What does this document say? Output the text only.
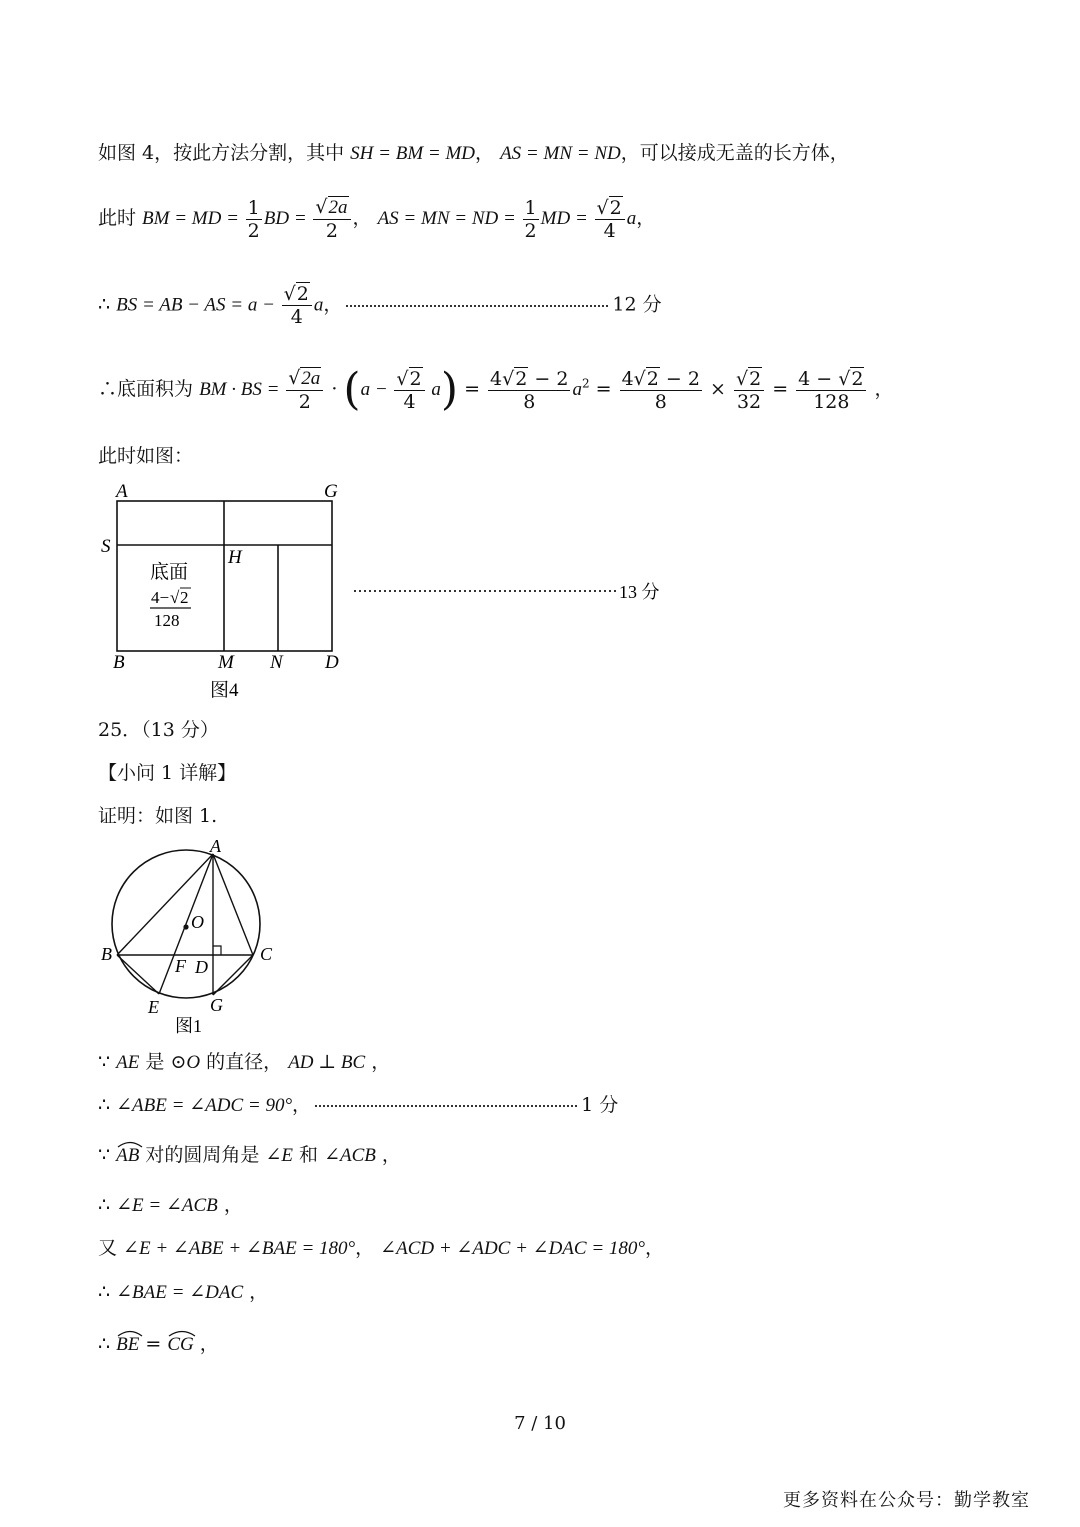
如图 4，按此方法分割，其中 SH = BM = MD， AS = MN = ND，可以接成无盖的长方体，
此时 BM = MD = $\frac{1}{2}$ BD = $\frac{√2a}{2}$ ， AS = MN = ND = $\frac{1}{2}$ MD = $\frac{√2}{4}$ a，
∴ BS = AB − AS = $a - \frac{√2}{4}$ a，	12 分
∴底面积为 BM · BS = $\frac{√2a}{2} \cdot (a - \frac{√2}{4} a) = \frac{4√2 - 2}{8} a^2 = \frac{4√2 - 2}{8} \times \frac{√2}{32} = \frac{4 - √2}{128}$ ，
此时如图：
A	G
S
H
B	M N D
底面
4− √ 2
128
图4
13 分
25．（13 分）
【小问 1 详解】
证明：如图 1.
A
O
B	C
F D
E	G
图1
∵ AE 是 ⊙O 的直径， AD ⊥ BC ，
∴ ∠ABE = ∠ADC = 90°，	1 分
∵
AB 对的圆周角是 ∠E 和 ∠ACB ，
∴ ∠E = ∠ACB ，
又 ∠E + ∠ABE + ∠BAE = 180°， ∠ACD + ∠ADC + ∠DAC = 180°，
∴ ∠BAE = ∠DAC ，
∴
BE =
CG ，
7 / 10
更多资料在公众号：勤学教室
